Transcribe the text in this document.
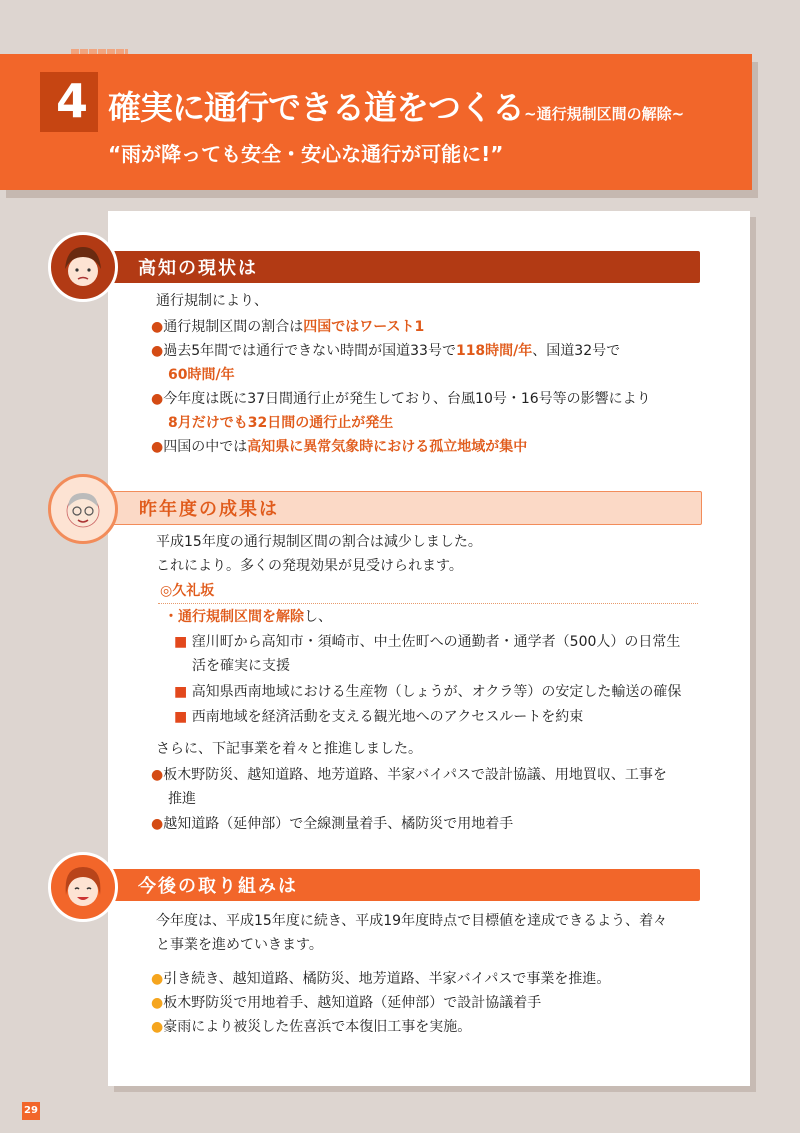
4 確実に通行できる道をつくる~通行規制区間の解除~
“雨が降っても安全・安心な通行が可能に!”
高知の現状は
通行規制により、
●通行規制区間の割合は四国ではワースト1
●過去5年間では通行できない時間が国道33号で118時間/年、国道32号で
60時間/年
●今年度は既に37日間通行止が発生しており、台風10号・16号等の影響により
8月だけでも32日間の通行止が発生
●四国の中では高知県に異常気象時における孤立地域が集中
昨年度の成果は
平成15年度の通行規制区間の割合は減少しました。
これにより。多くの発現効果が見受けられます。
◎久礼坂
・通行規制区間を解除し、
■ 窪川町から高知市・須崎市、中土佐町への通勤者・通学者（500人）の日常生
活を確実に支援
■ 高知県西南地域における生産物（しょうが、オクラ等）の安定した輸送の確保
■ 西南地域を経済活動を支える観光地へのアクセスルートを約束
さらに、下記事業を着々と推進しました。
●板木野防災、越知道路、地芳道路、半家バイパスで設計協議、用地買収、工事を
推進
●越知道路（延伸部）で全線測量着手、橘防災で用地着手
今後の取り組みは
今年度は、平成15年度に続き、平成19年度時点で目標値を達成できるよう、着々
と事業を進めていきます。
●引き続き、越知道路、橘防災、地芳道路、半家バイパスで事業を推進。
●板木野防災で用地着手、越知道路（延伸部）で設計協議着手
●豪雨により被災した佐喜浜で本復旧工事を実施。
29
